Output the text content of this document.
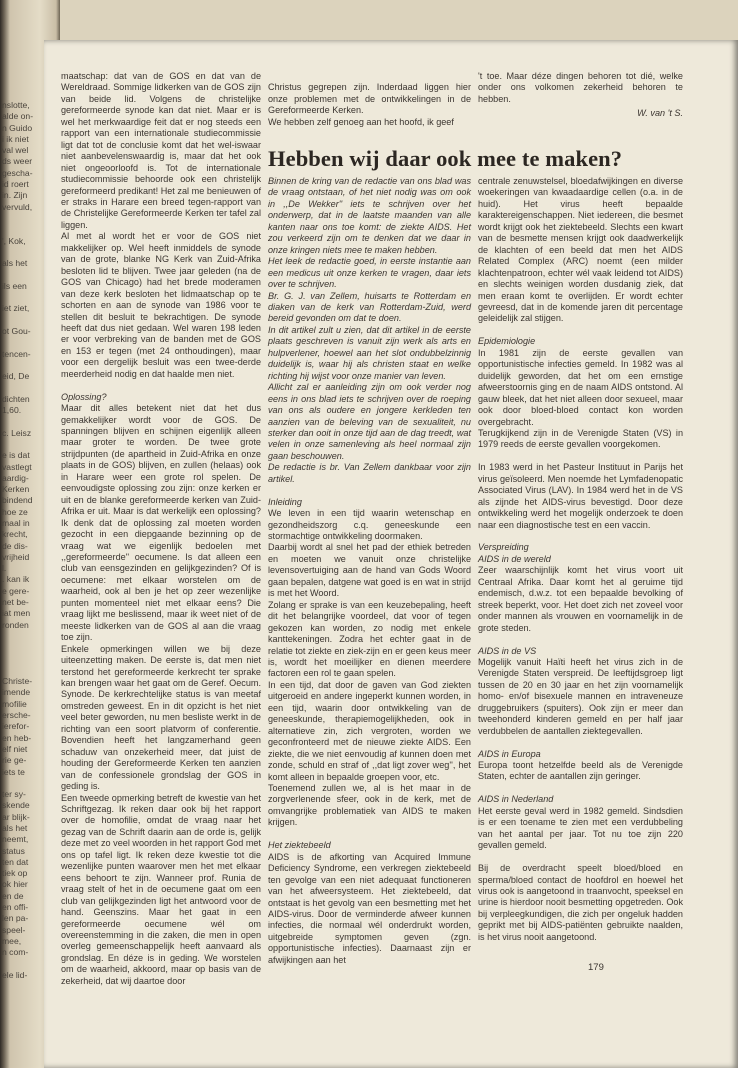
nslotte,
alde on-
n Guido
i ik niet
val wel
ds weer
gescha-
id roert
in. Zijn
vervuld,

', Kok,

als het

ils een

iet ziet,

ot Gou-

tencen-

eid, De

dichten
1,60.

c. Leisz

e is dat
vastlegt
aardig-
Kerken
bindend
hoe ze
maal in
krecht,
de dis-
vrijheid
l.
. kan ik
e gere-
net be-
iat men
ronden

Christe-
imende
mofilie
ersche-
ierefor-
en heb-
elf niet
rie ge-
iets te

ter sy-
skende
ar blijk-
als het
neemt,
status
ten dat
tiek op
ok hier
en de
en offi-
len pa-
speel-
mee,
n com-

ele lid-

maatschap: dat van de GOS en dat van de Wereldraad. Sommige lidkerken van de GOS zijn van beide lid. Volgens de christelijke gereformeerde synode kan dat niet. Maar er is wel het merkwaardige feit dat er nog steeds een rapport van een internationale studiecommissie ligt dat tot de conclusie komt dat het wel-iswaar niet aanbevelenswaardig is, maar dat het ook niet ongeoorloofd is. Tot de internationale studiecommissie behoorde ook een christelijk gereformeerd predikant! Het zal me benieuwen of er straks in Harare een breed tegen-rapport van de Christelijke Gereformeerde Kerken ter tafel zal liggen.

Al met al wordt het er voor de GOS niet makkelijker op. Wel heeft inmiddels de synode van de grote, blanke NG Kerk van Zuid-Afrika besloten lid te blijven. Twee jaar geleden (na de GOS van Chicago) had het brede moderamen van deze kerk besloten het lidmaatschap op te schorten en aan de synode van 1986 voor te stellen dit besluit te bekrachtigen. De synode heeft dat dus niet gedaan. Wel waren 198 leden er voor verbreking van de banden met de GOS en 153 er tegen (met 24 onthoudingen), maar voor een dergelijk besluit was een twee-derde meerderheid nodig en dat haalde men niet.

Oplossing?

Maar dit alles betekent niet dat het dus gemakkelijker wordt voor de GOS. De spanningen blijven en schijnen eigenlijk alleen maar groter te worden. De twee grote strijdpunten (de apartheid in Zuid-Afrika en onze plaats in de GOS) blijven, en zullen (helaas) ook in Harare weer een grote rol spelen. De eenvoudigste oplossing zou zijn: onze kerken er uit en de blanke gereformeerde kerken van Zuid-Afrika er uit. Maar is dat werkelijk een oplossing? Ik denk dat de oplossing zal moeten worden gezocht in een diepgaande bezinning op de vraag wat we eigenlijk bedoelen met ,,gereformeerde'' oecumene. Is dat alleen een club van eensgezinden en gelijkgezinden? Of is oecumene: met elkaar worstelen om de waarheid, ook al ben je het op zeer wezenlijke punten momenteel niet met elkaar eens? Die vraag lijkt me beslissend, maar ik weet niet of de meeste lidkerken van de GOS al aan die vraag toe zijn.

Enkele opmerkingen willen we bij deze uiteenzetting maken. De eerste is, dat men niet terstond het gereformeerde kerkrecht ter sprake kan brengen waar het gaat om de Geref. Oecum. Synode. De kerkrechtelijke status is van meetaf omstreden geweest. En in dit opzicht is het niet veel beter geworden, nu men besliste werkt in de richting van een soort platvorm of conferentie. Bovendien heeft het langzamerhand geen schaduw van onzekerheid meer, dat juist de houding der Gereformeerde Kerken ten aanzien van de confessionele grondslag der GOS in geding is.

Een tweede opmerking betreft de kwestie van het Schriftgezag. Ik reken daar ook bij het rapport over de homofilie, omdat de vraag naar het gezag van de Schrift daarin aan de orde is, gelijk deze met zo veel woorden in het rapport God met ons op tafel ligt. Ik reken deze kwestie tot die wezenlijke punten waarover men het met elkaar eens behoort te zijn. Wanneer prof. Runia de vraag stelt of het in de oecumene gaat om een club van gelijkgezinden ligt het antwoord voor de hand. Geenszins. Maar het gaat in een gereformeerde oecumene wél om overeenstemming in die zaken, die men in open overleg gemeenschappelijk heeft aanvaard als grondslag. En déze is in geding. We worstelen om de waarheid, akkoord, maar op basis van de zekerheid, dat wij daartoe door

Christus gegrepen zijn. Inderdaad liggen hier onze problemen met de ontwikkelingen in de Gereformeerde Kerken.
We hebben zelf genoeg aan het hoofd, ik geef

't toe. Maar déze dingen behoren tot dié, welke onder ons volkomen zekerheid behoren te hebben.

W. van 't S.

Hebben wij daar ook mee te maken?

Binnen de kring van de redactie van ons blad was de vraag ontstaan, of het niet nodig was om ook in ,,De Wekker'' iets te schrijven over het onderwerp, dat in de laatste maanden van alle kanten naar ons toe komt: de ziekte AIDS. Het zou verkeerd zijn om te denken dat we daar in onze kringen niets mee te maken hebben.

Het leek de redactie goed, in eerste instantie aan een medicus uit onze kerken te vragen, daar iets over te schrijven.

Br. G. J. van Zellem, huisarts te Rotterdam en diaken van de kerk van Rotterdam-Zuid, werd bereid gevonden om dat te doen.

In dit artikel zult u zien, dat dit artikel in de eerste plaats geschreven is vanuit zijn werk als arts en hulpverlener, hoewel aan het slot ondubbelzinnig duidelijk is, waar hij als christen staat en welke richting hij wijst voor onze manier van leven.

Allicht zal er aanleiding zijn om ook verder nog eens in ons blad iets te schrijven over de roeping van ons als oudere en jongere kerkleden ten aanzien van de beleving van de sexualiteit, nu sterker dan ooit in onze tijd aan de dag treedt, wat velen in onze samenleving als heel normaal zijn gaan beschouwen.

De redactie is br. Van Zellem dankbaar voor zijn artikel.

Inleiding

We leven in een tijd waarin wetenschap en gezondheidszorg c.q. geneeskunde een stormachtige ontwikkeling doormaken.

Daarbij wordt al snel het pad der ethiek betreden en moeten we vanuit onze christelijke levensovertuiging aan de hand van Gods Woord gaan bepalen, datgene wat goed is en wat in strijd is met het Woord.

Zolang er sprake is van een keuzebepaling, heeft dit het belangrijke voordeel, dat voor of tegen gekozen kan worden, zo nodig met enkele kanttekeningen. Zodra het echter gaat in de relatie tot ziekte en ziek-zijn en er geen keus meer is, wordt het moeilijker en dienen meerdere factoren een rol te gaan spelen.

In een tijd, dat door de gaven van God ziekten uitgeroeid en andere ingeperkt kunnen worden, in een tijd, waarin door ontwikkeling van de geneeskunde, therapiemogelijkheden, ook in alternatieve zin, zich vergroten, worden we geconfronteerd met de nieuwe ziekte AIDS. Een ziekte, die we niet eenvoudig af kunnen doen met zonde, schuld en straf of ,,dat ligt zover weg'', het komt alleen in bepaalde groepen voor, etc.

Toenemend zullen we, al is het maar in de zorgverlenende sfeer, ook in de kerk, met de omvangrijke problematiek van AIDS te maken krijgen.

Het ziektebeeld

AIDS is de afkorting van Acquired Immune Deficiency Syndrome, een verkregen ziektebeeld ten gevolge van een niet adequaat functioneren van het afweersysteem. Het ziektebeeld, dat ontstaat is het gevolg van een besmetting met het AIDS-virus. Door de verminderde afweer kunnen infecties, die normaal wél onderdrukt worden, uitgebreide symptomen geven (zgn. opportunistische infecties). Daarnaast zijn er afwijkingen aan het

centrale zenuwstelsel, bloedafwijkingen en diverse woekeringen van kwaadaardige cellen (o.a. in de huid). Het virus heeft bepaalde karaktereigenschappen. Niet iedereen, die besmet wordt krijgt ook het ziektebeeld. Slechts een kwart van de besmette mensen krijgt ook daadwerkelijk de klachten of een beeld dat men het AIDS Related Complex (ARC) noemt (een milder klachtenpatroon, echter wél vaak leidend tot AIDS) en slechts weinigen worden dusdanig ziek, dat men eraan komt te overlijden. Er wordt echter gevreesd, dat in de komende jaren dit percentage geleidelijk zal stijgen.

Epidemiologie

In 1981 zijn de eerste gevallen van opportunistische infecties gemeld. In 1982 was al duidelijk geworden, dat het om een ernstige afweerstoornis ging en de naam AIDS ontstond. Al gauw bleek, dat het niet alleen door sexueel, maar ook door bloed-bloed contact kon worden overgebracht.

Terugkijkend zijn in de Verenigde Staten (VS) in 1979 reeds de eerste gevallen voorgekomen.

In 1983 werd in het Pasteur Instituut in Parijs het virus geïsoleerd. Men noemde het Lymfadenopatic Associated Virus (LAV). In 1984 werd het in de VS als zijnde het AIDS-virus bevestigd. Door deze ontwikkeling werd het mogelijk onderzoek te doen naar een diagnostische test en een vaccin.

Verspreiding
AIDS in de wereld

Zeer waarschijnlijk komt het virus voort uit Centraal Afrika. Daar komt het al geruime tijd endemisch, d.w.z. tot een bepaalde bevolking of streek beperkt, voor. Het doet zich net zoveel voor onder mannen als vrouwen en voornamelijk in de grote steden.

AIDS in de VS

Mogelijk vanuit Haïti heeft het virus zich in de Verenigde Staten verspreid. De leeftijdsgroep ligt tussen de 20 en 30 jaar en het zijn voornamelijk homo- en/of bisexuele mannen en intraveneuze druggebruikers (spuiters). Ook zijn er meer dan tweehonderd kinderen gemeld en per half jaar verdubbelen de aantallen ziektegevallen.

AIDS in Europa

Europa toont hetzelfde beeld als de Verenigde Staten, echter de aantallen zijn geringer.

AIDS in Nederland

Het eerste geval werd in 1982 gemeld. Sindsdien is er een toename te zien met een verdubbeling van het aantal per jaar. Tot nu toe zijn 220 gevallen gemeld.

Bij de overdracht speelt bloed/bloed en sperma/bloed contact de hoofdrol en hoewel het virus ook is aangetoond in traanvocht, speeksel en urine is hierdoor nooit besmetting opgetreden. Ook bij verpleegkundigen, die zich per ongeluk hadden geprikt met bij AIDS-patiënten gebruikte naalden, is het virus nooit aangetoond.

179
